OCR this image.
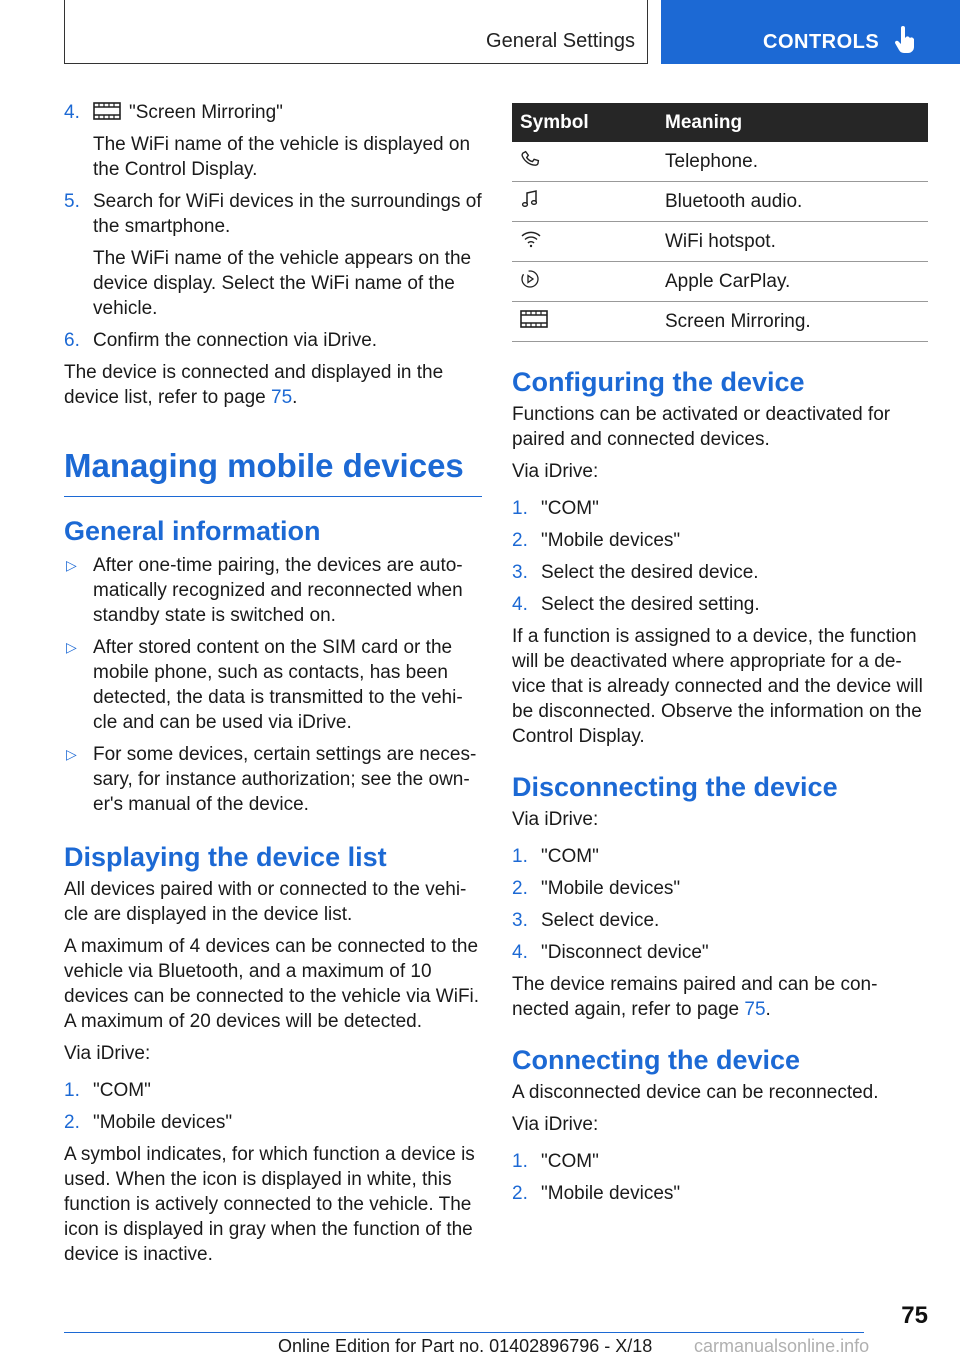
General Settings	CONTROLS
4.	"Screen Mirroring"

The WiFi name of the vehicle is displayed on the Control Display.

5. Search for WiFi devices in the surroundings of the smartphone.

The WiFi name of the vehicle appears on the device display. Select the WiFi name of the vehicle.

6. Confirm the connection via iDrive.

The device is connected and displayed in the device list, refer to page 75.

Managing mobile devices
General information
▷ After one-time pairing, the devices are auto-matically recognized and reconnected when standby state is switched on.
▷ After stored content on the SIM card or the mobile phone, such as contacts, has been detected, the data is transmitted to the vehi-cle and can be used via iDrive.
▷ For some devices, certain settings are neces-sary, for instance authorization; see the own-er's manual of the device.
Displaying the device list

All devices paired with or connected to the vehi-cle are displayed in the device list.

A maximum of 4 devices can be connected to the vehicle via Bluetooth, and a maximum of 10 devices can be connected to the vehicle via WiFi. A maximum of 20 devices will be detected.

Via iDrive:

1. "COM"
2. "Mobile devices"

A symbol indicates, for which function a device is used. When the icon is displayed in white, this function is actively connected to the vehicle. The icon is displayed in gray when the function of the device is inactive.

Symbol	Meaning
	Telephone.
	Bluetooth audio.
	WiFi hotspot.
	Apple CarPlay.
	Screen Mirroring.
Configuring the device

Functions can be activated or deactivated for paired and connected devices.

Via iDrive:

1. "COM"
2. "Mobile devices"
3. Select the desired device.
4. Select the desired setting.

If a function is assigned to a device, the function will be deactivated where appropriate for a de-vice that is already connected and the device will be disconnected. Observe the information on the Control Display.

Disconnecting the device

Via iDrive:

1. "COM"
2. "Mobile devices"
3. Select device.
4. "Disconnect device"

The device remains paired and can be con-nected again, refer to page 75.

Connecting the device

A disconnected device can be reconnected.

Via iDrive:

1. "COM"
2. "Mobile devices"
75
Online Edition for Part no. 01402896796 - X/18 carmanualsonline.info
